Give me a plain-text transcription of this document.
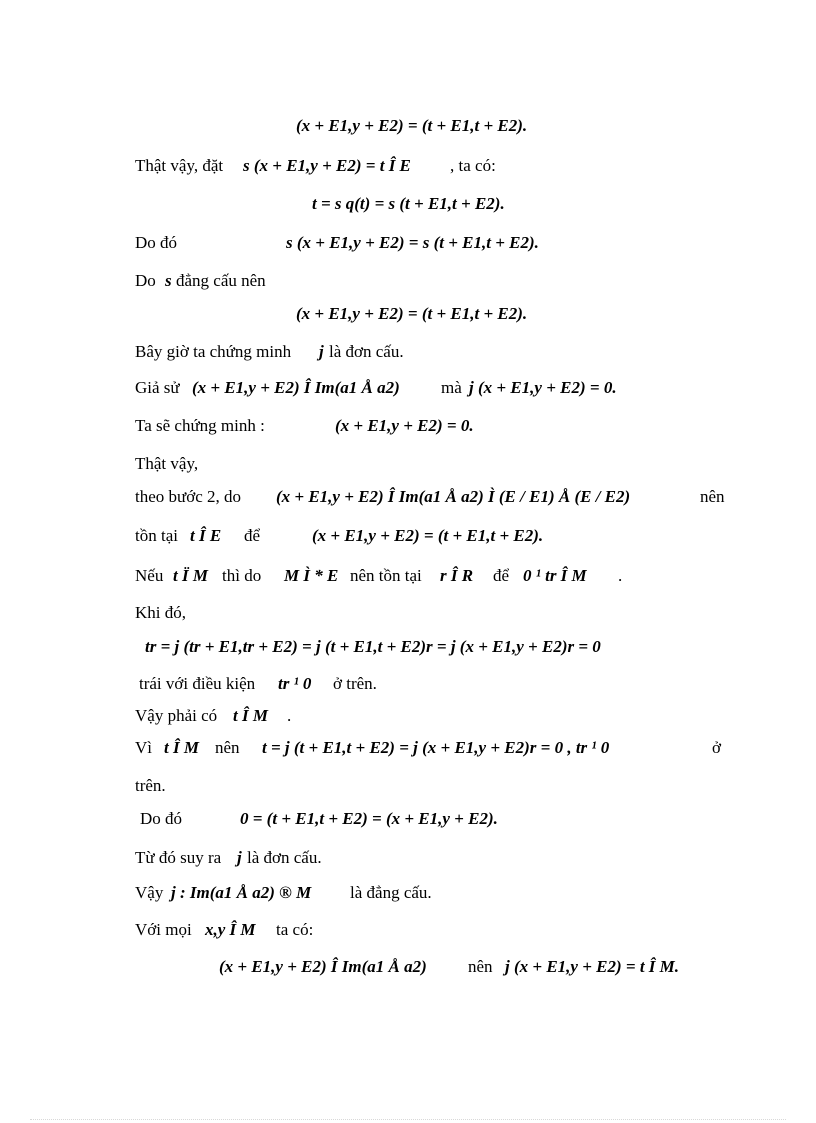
(x + E1,y + E2) = (t + E1,t + E2).
Thật vậy, đặt s (x + E1,y + E2) = t Î E , ta có:
t = s q(t) = s (t + E1,t + E2).
Do đó	s (x + E1,y + E2) = s (t + E1,t + E2).
Do s đẳng cấu nên
(x + E1,y + E2) = (t + E1,t + E2).
Bây giờ ta chứng minh j là đơn cấu.
Giả sử (x + E1,y + E2) Î Im(a1 Å a2) mà j (x + E1,y + E2) = 0.
Ta sẽ chứng minh :	(x + E1,y + E2) = 0.
Thật vậy,
theo bước 2, do (x + E1,y + E2) Î Im(a1 Å a2) Ì (E / E1) Å (E / E2)	nên
tồn tại t Î E để	(x + E1,y + E2) = (t + E1,t + E2).
Nếu t Ï M thì do M Ì * E nên tồn tại r Î R để 0 ¹ tr Î M .
Khi đó,
tr = j (tr + E1,tr + E2) = j (t + E1,t + E2)r = j (x + E1,y + E2)r = 0
trái với điều kiện tr ¹ 0 ở trên.
Vậy phải có t Î M .
Vì t Î M nên t = j (t + E1,t + E2) = j (x + E1,y + E2)r = 0 , tr ¹ 0	ở
trên.
Do đó	0 = (t + E1,t + E2) = (x + E1,y + E2).
Từ đó suy ra j là đơn cấu.
Vậy j : Im(a1 Å a2) ® M là đẳng cấu.
Với mọi x,y Î M ta có:
(x + E1,y + E2) Î Im(a1 Å a2) nên j (x + E1,y + E2) = t Î M.
